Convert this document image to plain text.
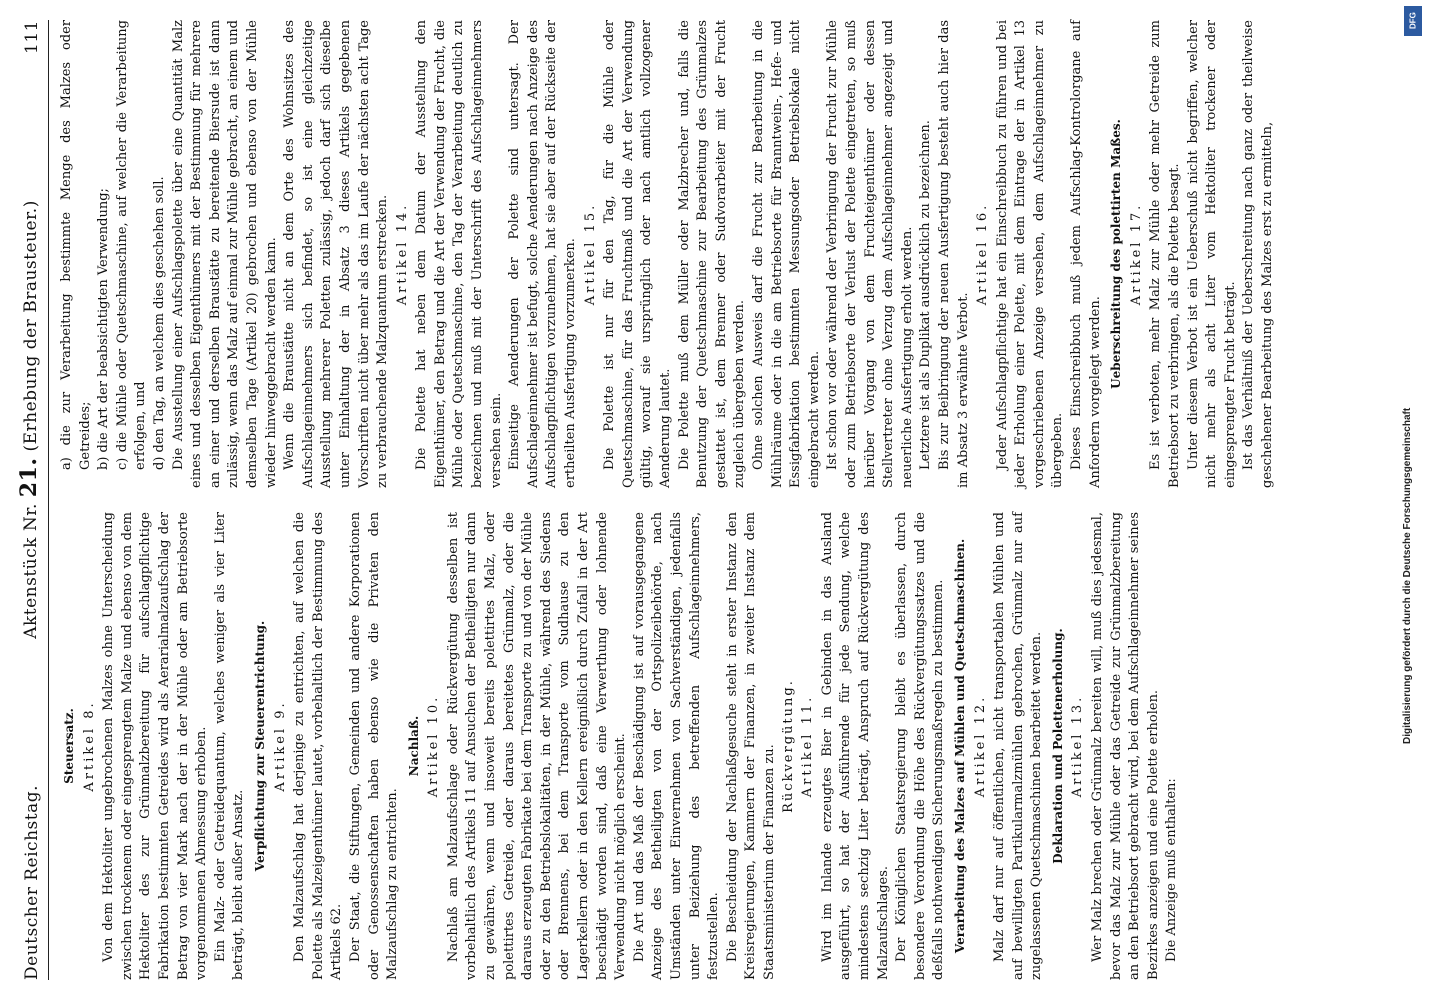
Deutscher Reichstag.
Aktenstück Nr. 21. (Erhebung der Brausteuer.)
111
Steuersatz. Artikel 8. Von dem Hektoliter ungebrochenen Malzes ohne Unterscheidung zwischen trockenem oder eingesprengtem Malze und ebenso von dem Hektoliter des zur Grünmalzbereitung für aufschlagpflichtige Fabrikation bestimmten Getreides wird als Aerarialmalzaufschlag der Betrag von vier Mark nach der in der Mühle oder am Betriebsorte vorgenommenen Abmessung erhoben. Ein Malz- oder Getreidequantum, welches weniger als vier Liter beträgt, bleibt außer Ansatz.

Verpflichtung zur Steuerentrichtung. Artikel 9. Den Malzaufschlag hat derjenige zu entrichten, auf welchen die Polette als Malzeigenthümer lautet, vorbehaltlich der Bestimmung des Artikels 62. Der Staat, die Stiftungen, Gemeinden und andere Korporationen oder Genossenschaften haben ebenso wie die Privaten den Malzaufschlag zu entrichten.

Nachlaß. Artikel 10. Nachlaß am Malzaufschlage oder Rückvergütung desselben ist vorbehaltlich des Artikels 11 auf Ansuchen der Betheiligten nur dann zu gewähren, wenn und insoweit bereits polettirtes Malz, oder polettirtes Getreide, oder daraus bereitetes Grünmalz, oder die daraus erzeugten Fabrikate bei dem Transporte zu und von der Mühle oder zu den Betriebslokalitäten, in der Mühle, während des Siedens oder Brennens, bei dem Transporte vom Sudhause zu den Lagerkellern oder in den Kellern ereignißlich durch Zufall in der Art beschädigt worden sind, daß eine Verwerthung oder lohnende Verwendung nicht möglich erscheint. Die Art und das Maß der Beschädigung ist auf vorausgegangene Anzeige des Betheiligten von der Ortspolizeibehörde, nach Umständen unter Einvernehmen von Sachverständigen, jedenfalls unter Beiziehung des betreffenden Aufschlageinnehmers, festzustellen. Die Bescheidung der Nachlaßgesuche steht in erster Instanz den Kreisregierungen, Kammern der Finanzen, in zweiter Instanz dem Staatsministerium der Finanzen zu. Rückvergütung. Artikel 11. Wird im Inlande erzeugtes Bier in Gebinden in das Ausland ausgeführt, so hat der Ausführende für jede Sendung, welche mindestens sechzig Liter beträgt, Anspruch auf Rückvergütung des Malzaufschlages. Der Königlichen Staatsregierung bleibt es überlassen, durch besondere Verordnung die Höhe des Rückvergütungssatzes und die deßfalls nothwendigen Sicherungsmaßregeln zu bestimmen. Verarbeitung des Malzes auf Mühlen und Quetschmaschinen. Artikel 12. Malz darf nur auf öffentlichen, nicht transportablen Mühlen und auf bewilligten Partikularmalzmühlen gebrochen, Grünmalz nur auf zugelassenen Quetschmaschinen bearbeitet werden. Deklaration und Polettenerholung. Artikel 13. Wer Malz brechen oder Grünmalz bereiten will, muß dies jedesmal, bevor das Malz zur Mühle oder das Getreide zur Grünmalzbereitung an den Betriebsort gebracht wird, bei dem Aufschlageinnehmer seines Bezirkes anzeigen und eine Polette erholen. Die Anzeige muß enthalten:

a) die zur Verarbeitung bestimmte Menge des Malzes oder Getreides; b) die Art der beabsichtigten Verwendung; c) die Mühle oder Quetschmaschine, auf welcher die Verarbeitung erfolgen, und d) den Tag, an welchem dies geschehen soll. Die Ausstellung einer Aufschlagspolette über eine Quantität Malz eines und desselben Eigenthümers mit der Bestimmung für mehrere an einer und derselben Braustätte zu bereitende Biersude ist dann zulässig, wenn das Malz auf einmal zur Mühle gebracht, an einem und demselben Tage (Artikel 20) gebrochen und ebenso von der Mühle wieder hinweggebracht werden kann. Wenn die Braustätte nicht an dem Orte des Wohnsitzes des Aufschlageinnehmers sich befindet, so ist eine gleichzeitige Ausstellung mehrerer Poletten zulässig, jedoch darf sich dieselbe unter Einhaltung der in Absatz 3 dieses Artikels gegebenen Vorschriften nicht über mehr als das im Laufe der nächsten acht Tage zu verbrauchende Malzquantum erstrecken. Artikel 14. Die Polette hat neben dem Datum der Ausstellung den Eigenthümer, den Betrag und die Art der Verwendung der Frucht, die Mühle oder Quetschmaschine, den Tag der Verarbeitung deutlich zu bezeichnen und muß mit der Unterschrift des Aufschlageinnehmers versehen sein. Einseitige Aenderungen der Polette sind untersagt. Der Aufschlageinnehmer ist befugt, solche Aenderungen nach Anzeige des Aufschlagpflichtigen vorzunehmen, hat sie aber auf der Rückseite der ertheilten Ausfertigung vorzumerken. Artikel 15. Die Polette ist nur für den Tag, für die Mühle oder Quetschmaschine, für das Fruchtmaß und die Art der Verwendung gültig, worauf sie ursprünglich oder nach amtlich vollzogener Aenderung lautet. Die Polette muß dem Müller oder Malzbrecher und, falls die Benutzung der Quetschmaschine zur Bearbeitung des Grünmalzes gestattet ist, dem Brenner oder Sudvorarbeiter mit der Frucht zugleich übergeben werden. Ohne solchen Ausweis darf die Frucht zur Bearbeitung in die Mühlräume oder in die am Betriebsorte für Branntwein-, Hefe- und Essigfabrikation bestimmten Messungsoder Betriebslokale nicht eingebracht werden. Ist schon vor oder während der Verbringung der Frucht zur Mühle oder zum Betriebsorte der Verlust der Polette eingetreten, so muß hierüber Vorgang von dem Fruchteigenthümer oder dessen Stellvertreter ohne Verzug dem Aufschlageinnehmer angezeigt und neuerliche Ausfertigung erholt werden. Letztere ist als Duplikat ausdrücklich zu bezeichnen. Bis zur Beibringung der neuen Ausfertigung besteht auch hier das im Absatz 3 erwähnte Verbot.

Artikel 16. Jeder Aufschlagpflichtige hat ein Einschreibbuch zu führen und bei jeder Erholung einer Polette, mit dem Eintrage der in Artikel 13 vorgeschriebenen Anzeige versehen, dem Aufschlageinnehmer zu übergeben. Dieses Einschreibbuch muß jedem Aufschlag-Kontrolorgane auf Anfordern vorgelegt werden.

Ueberschreitung des polettirten Maßes. Artikel 17. Es ist verboten, mehr Malz zur Mühle oder mehr Getreide zum Betriebsort zu verbringen, als die Polette besagt. Unter diesem Verbot ist ein Ueberschuß nicht begriffen, welcher nicht mehr als acht Liter vom Hektoliter trockener oder eingesprengter Frucht beträgt. Ist das Verhältniß der Ueberschreitung nach ganz oder theilweise geschehener Bearbeitung des Malzes erst zu ermitteln,

DFG
Digitalisierung gefördert durch die Deutsche Forschungsgemeinschaft
